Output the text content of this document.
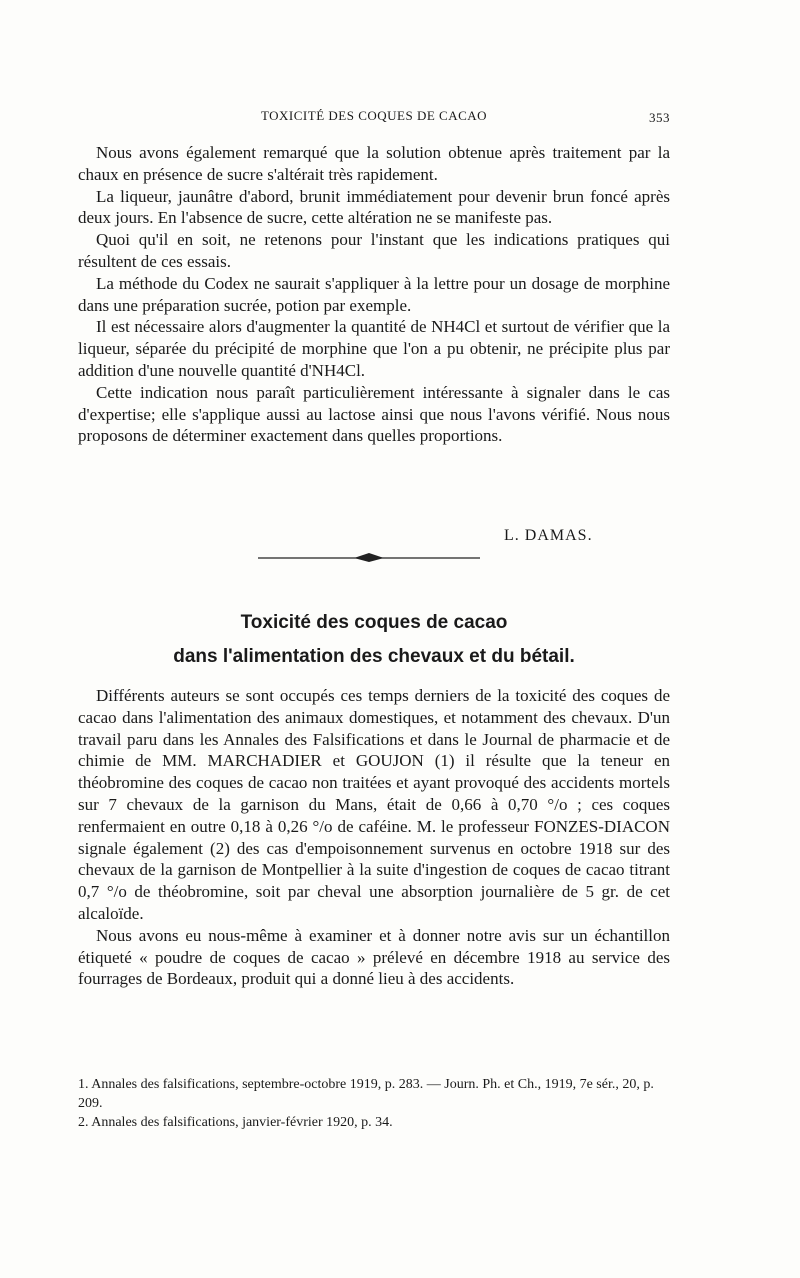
TOXICITÉ DES COQUES DE CACAO	353

Nous avons également remarqué que la solution obtenue après traitement par la chaux en présence de sucre s'altérait très rapidement.

La liqueur, jaunâtre d'abord, brunit immédiatement pour devenir brun foncé après deux jours. En l'absence de sucre, cette altération ne se manifeste pas.

Quoi qu'il en soit, ne retenons pour l'instant que les indications pratiques qui résultent de ces essais.

La méthode du Codex ne saurait s'appliquer à la lettre pour un dosage de morphine dans une préparation sucrée, potion par exemple.

Il est nécessaire alors d'augmenter la quantité de NH4Cl et surtout de vérifier que la liqueur, séparée du précipité de morphine que l'on a pu obtenir, ne précipite plus par addition d'une nouvelle quantité d'NH4Cl.

Cette indication nous paraît particulièrement intéressante à signaler dans le cas d'expertise; elle s'applique aussi au lactose ainsi que nous l'avons vérifié. Nous nous proposons de déterminer exactement dans quelles proportions.

L. DAMAS.
Toxicité des coques de cacao
dans l'alimentation des chevaux et du bétail.

Différents auteurs se sont occupés ces temps derniers de la toxicité des coques de cacao dans l'alimentation des animaux domestiques, et notamment des chevaux. D'un travail paru dans les Annales des Falsifications et dans le Journal de pharmacie et de chimie de MM. MARCHADIER et GOUJON (1) il résulte que la teneur en théobromine des coques de cacao non traitées et ayant provoqué des accidents mortels sur 7 chevaux de la garnison du Mans, était de 0,66 à 0,70 °/o ; ces coques renfermaient en outre 0,18 à 0,26 °/o de caféine. M. le professeur FONZES-DIACON signale également (2) des cas d'empoisonnement survenus en octobre 1918 sur des chevaux de la garnison de Montpellier à la suite d'ingestion de coques de cacao titrant 0,7 °/o de théobromine, soit par cheval une absorption journalière de 5 gr. de cet alcaloïde.

Nous avons eu nous-même à examiner et à donner notre avis sur un échantillon étiqueté « poudre de coques de cacao » prélevé en décembre 1918 au service des fourrages de Bordeaux, produit qui a donné lieu à des accidents.

1. Annales des falsifications, septembre-octobre 1919, p. 283. — Journ. Ph. et Ch., 1919, 7e sér., 20, p. 209.

2. Annales des falsifications, janvier-février 1920, p. 34.
